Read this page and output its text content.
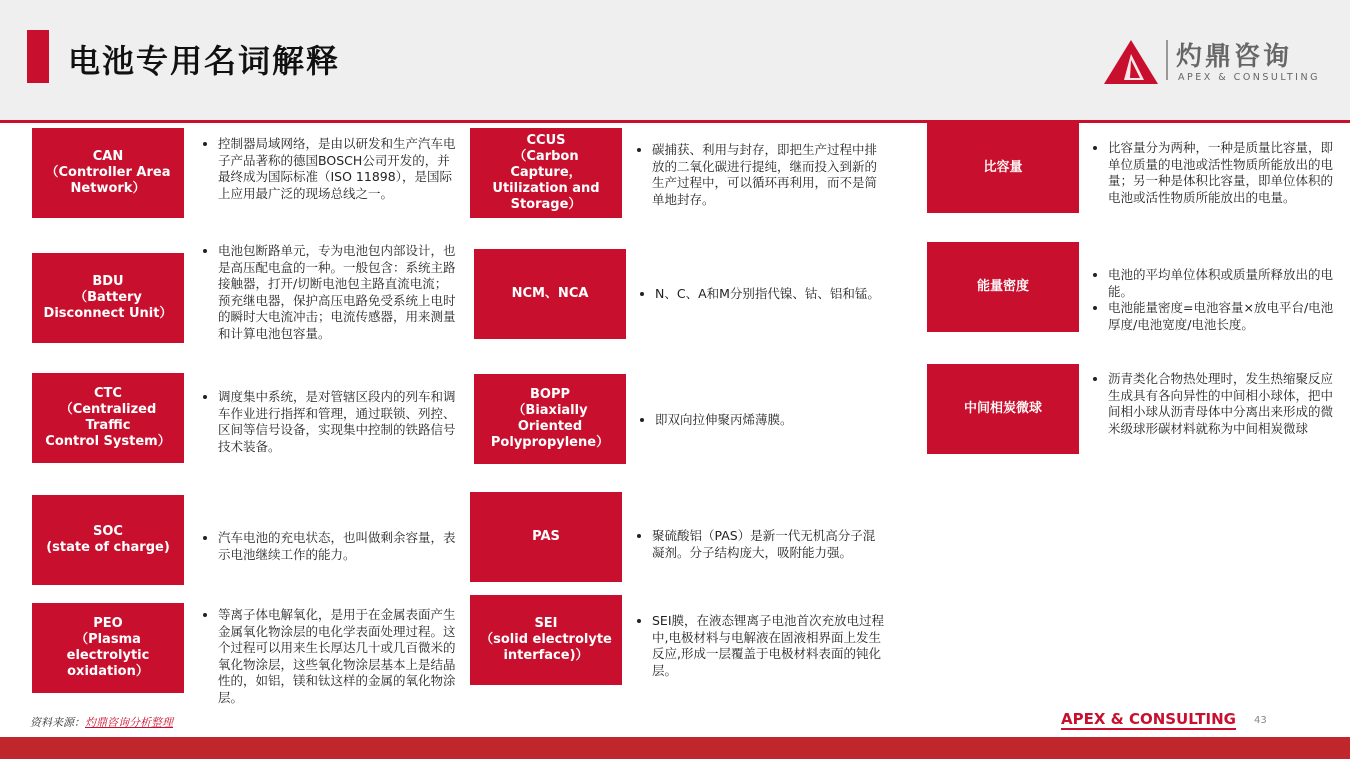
电池专用名词解释	灼鼎咨询
APEX & CONSULTING
CAN
（Controller Area
Network）
• 控制器局域网络，是由以研发和生产汽车电子产品著称的德国BOSCH公司开发的，并最终成为国际标准（ISO 11898），是国际上应用最广泛的现场总线之一。
BDU
（Battery
Disconnect Unit）
• 电池包断路单元，专为电池包内部设计，也是高压配电盒的一种。一般包含：系统主路接触器，打开/切断电池包主路直流电流；预充继电器，保护高压电路免受系统上电时的瞬时大电流冲击；电流传感器，用来测量和计算电池包容量。
CTC
（Centralized Traffic
Control System）
• 调度集中系统，是对管辖区段内的列车和调车作业进行指挥和管理，通过联锁、列控、区间等信号设备，实现集中控制的铁路信号技术装备。
SOC
(state of charge)
• 汽车电池的充电状态，也叫做剩余容量，表示电池继续工作的能力。
PEO
（Plasma
electrolytic
oxidation）
• 等离子体电解氧化，是用于在金属表面产生金属氧化物涂层的电化学表面处理过程。这个过程可以用来生长厚达几十或几百微米的氧化物涂层，这些氧化物涂层基本上是结晶性的，如铝，镁和钛这样的金属的氧化物涂层。
CCUS
（Carbon Capture，
Utilization and
Storage）
• 碳捕获、利用与封存，即把生产过程中排放的二氧化碳进行提纯，继而投入到新的生产过程中，可以循环再利用，而不是简单地封存。
NCM、NCA	• N、C、A和M分别指代镍、钴、铝和锰。
BOPP
（Biaxially Oriented
Polypropylene）
• 即双向拉伸聚丙烯薄膜。
PAS	• 聚硫酸铝（PAS）是新一代无机高分子混凝剂。分子结构庞大，吸附能力强。
SEI
（solid electrolyte
interface)）
• SEI膜，在液态锂离子电池首次充放电过程中,电极材料与电解液在固液相界面上发生反应,形成一层覆盖于电极材料表面的钝化层。
比容量
• 比容量分为两种，一种是质量比容量，即单位质量的电池或活性物质所能放出的电量；另一种是体积比容量，即单位体积的电池或活性物质所能放出的电量。
能量密度
• 电池的平均单位体积或质量所释放出的电能。
• 电池能量密度=电池容量×放电平台/电池厚度/电池宽度/电池长度。
中间相炭微球
• 沥青类化合物热处理时，发生热缩聚反应生成具有各向异性的中间相小球体，把中间相小球从沥青母体中分离出来形成的微米级球形碳材料就称为中间相炭微球
资料来源：灼鼎咨询分析整理	APEX & CONSULTING 43
